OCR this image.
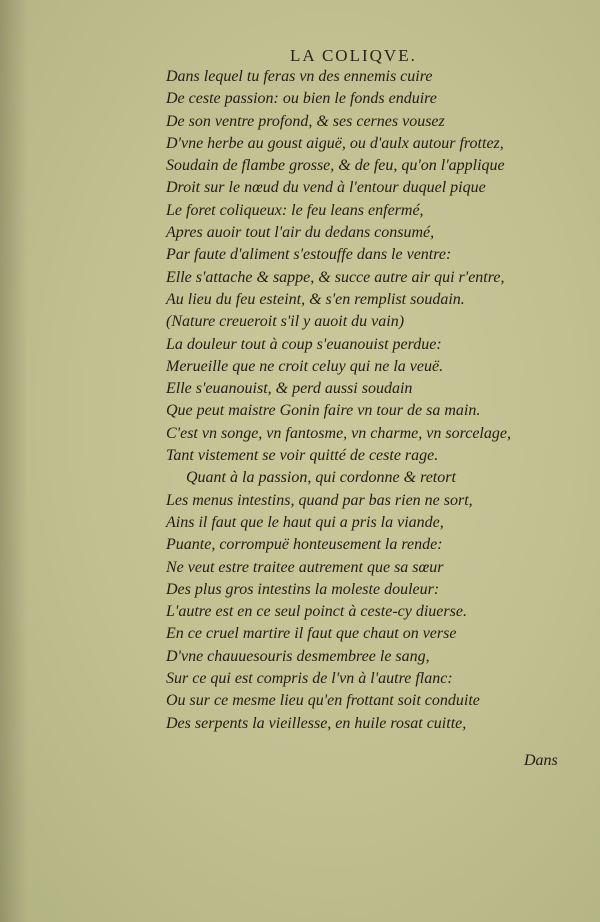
LA COLIQVE.
Dans lequel tu feras vn des ennemis cuire
De ceste passion: ou bien le fonds enduire
De son ventre profond, & ses cernes vousez
D'vne herbe au goust aiguë, ou d'aulx autour frottez,
Soudain de flambe grosse, & de feu, qu'on l'applique
Droit sur le nœud du vend à l'entour duquel pique
Le foret coliqueux: le feu leans enfermé,
Apres auoir tout l'air du dedans consumé,
Par faute d'aliment s'estouffe dans le ventre:
Elle s'attache & sappe, & succe autre air qui r'entre,
Au lieu du feu esteint, & s'en remplist soudain.
(Nature creueroit s'il y auoit du vain)
La douleur tout à coup s'euanouist perdue:
Merueille que ne croit celuy qui ne la veuë.
Elle s'euanouist, & perd aussi soudain
Que peut maistre Gonin faire vn tour de sa main.
C'est vn songe, vn fantosme, vn charme, vn sorcelage,
Tant vistement se voir quitté de ceste rage.
Quant à la passion, qui cordonne & retort
Les menus intestins, quand par bas rien ne sort,
Ains il faut que le haut qui a pris la viande,
Puante, corrompuë honteusement la rende:
Ne veut estre traitee autrement que sa sœur
Des plus gros intestins la moleste douleur:
L'autre est en ce seul poinct à ceste-cy diuerse.
En ce cruel martire il faut que chaut on verse
D'vne chauuesouris desmembree le sang,
Sur ce qui est compris de l'vn à l'autre flanc:
Ou sur ce mesme lieu qu'en frottant soit conduite
Des serpents la vieillesse, en huile rosat cuitte,
Dans
